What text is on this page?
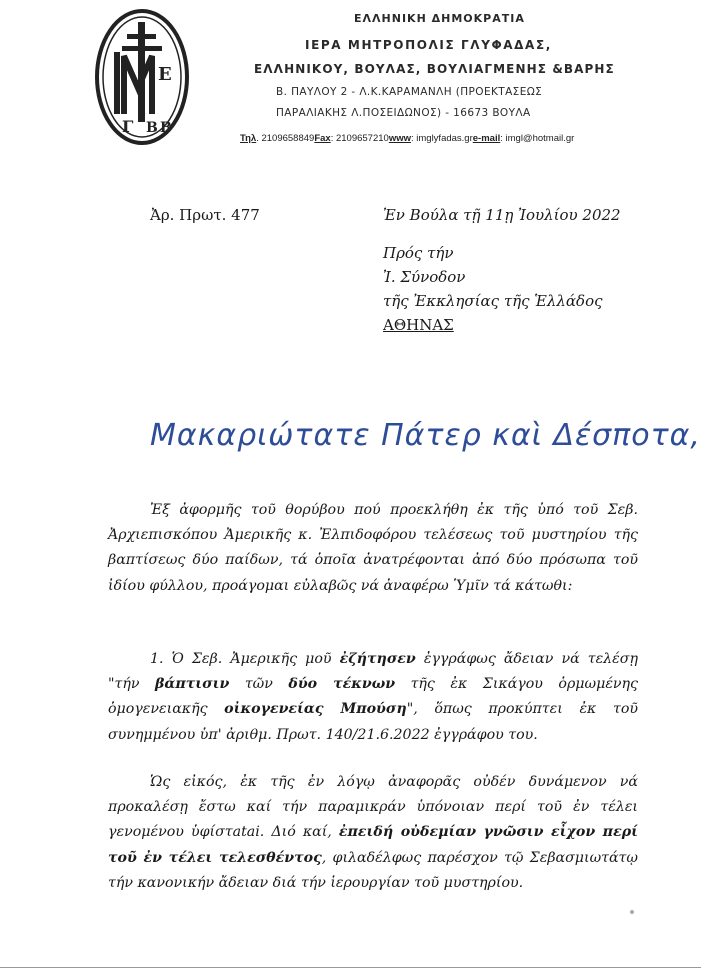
Ε
Γ Β Β
ΕΛΛΗΝΙΚΗ ΔΗΜΟΚΡΑΤΙΑ
ΙΕΡΑ ΜΗΤΡΟΠΟΛΙΣ ΓΛΥΦΑΔΑΣ,
ΕΛΛΗΝΙΚΟΥ, ΒΟΥΛΑΣ, ΒΟΥΛΙΑΓΜΕΝΗΣ &ΒΑΡΗΣ
Β. ΠΑΥΛΟΥ 2 - Λ.Κ.ΚΑΡΑΜΑΝΛΗ (ΠΡΟΕΚΤΑΣΕΩΣ
ΠΑΡΑΛΙΑΚΗΣ Λ.ΠΟΣΕΙΔΩΝΟΣ) - 16673 ΒΟΥΛΑ
Τηλ. 2109658849Fax: 2109657210www: imglyfadas.gre-mail: imgl@hotmail.gr
Ἀρ. Πρωτ. 477	Ἐν Βούλα τῇ 11ῃ Ἰουλίου 2022
Πρός τήν
Ἰ. Σύνοδον
τῆς Ἐκκλησίας τῆς Ἑλλάδος
ΑΘΗΝΑΣ
Μακαριώτατε Πάτερ καὶ Δέσποτα,
Ἐξ ἀφορμῆς τοῦ θορύβου πού προεκλήθη ἐκ τῆς ὑπό τοῦ Σεβ. Ἀρχιεπισκόπου Ἀμερικῆς κ. Ἐλπιδοφόρου τελέσεως τοῦ μυστηρίου τῆς βαπτίσεως δύο παίδων, τά ὁποῖα ἀνατρέφονται ἀπό δύο πρόσωπα τοῦ ἰδίου φύλλου, προάγομαι εὐλαβῶς νά ἀναφέρω Ὑμῖν τά κάτωθι:
1. Ὁ Σεβ. Ἀμερικῆς μοῦ ἐζήτησεν ἐγγράφως ἄδειαν νά τελέσῃ "τήν βάπτισιν τῶν δύο τέκνων τῆς ἐκ Σικάγου ὁρμωμένης ὁμογενειακῆς οἰκογενείας Μπούση", ὅπως προκύπτει ἐκ τοῦ συνημμένου ὑπ' ἀριθμ. Πρωτ. 140/21.6.2022 ἐγγράφου του.
Ὡς εἰκός, ἐκ τῆς ἐν λόγῳ ἀναφορᾶς οὐδέν δυνάμενον νά προκαλέσῃ ἔστω καί τήν παραμικράν ὑπόνοιαν περί τοῦ ἐν τέλει γενομένου ὑφίστatai. Διό καί, ἐπειδή οὐδεμίαν γνῶσιν εἶχον περί τοῦ ἐν τέλει τελεσθέντος, φιλαδέλφως παρέσχον τῷ Σεβασμιωτάτῳ τήν κανονικήν ἄδειαν διά τήν ἱερουργίαν τοῦ μυστηρίου.
